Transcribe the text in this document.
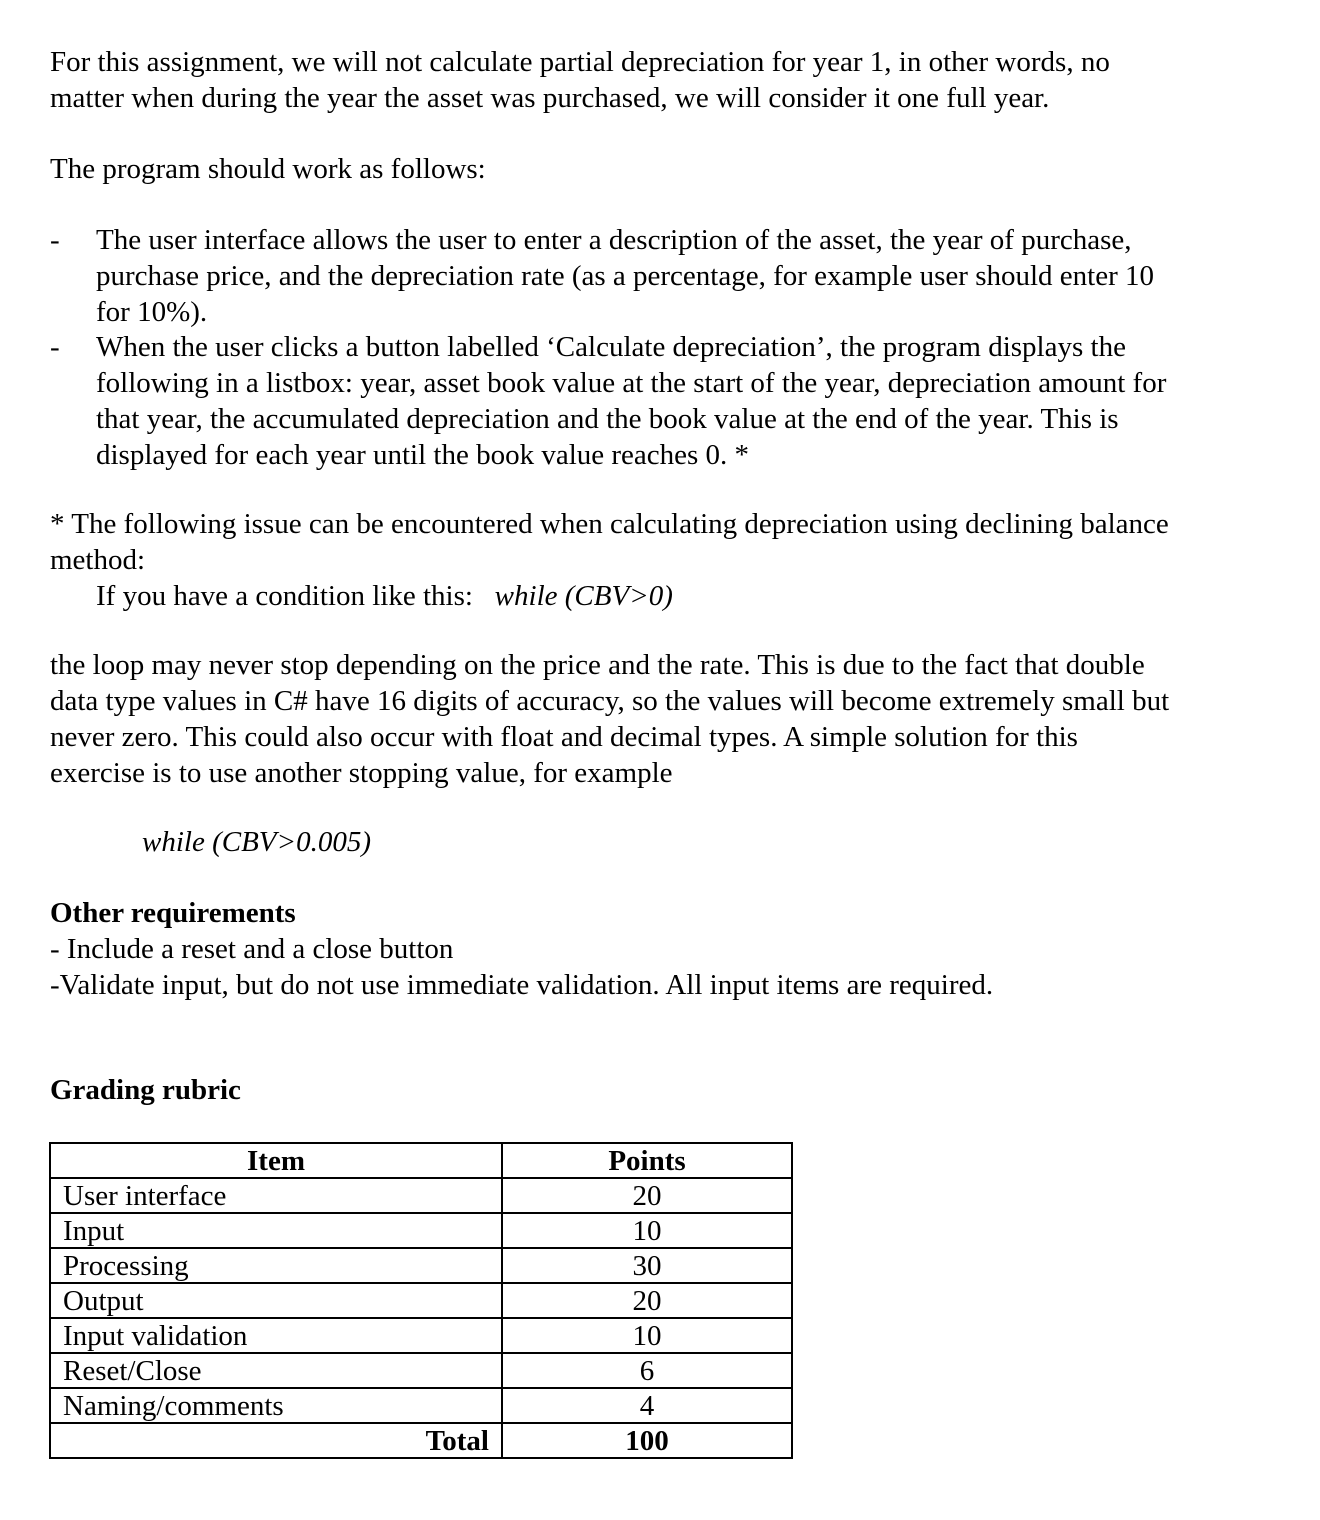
For this assignment, we will not calculate partial depreciation for year 1, in other words, no
matter when during the year the asset was purchased, we will consider it one full year.
The program should work as follows:
- The user interface allows the user to enter a description of the asset, the year of purchase,
purchase price, and the depreciation rate (as a percentage, for example user should enter 10
for 10%).
- When the user clicks a button labelled ‘Calculate depreciation’, the program displays the
following in a listbox: year, asset book value at the start of the year, depreciation amount for
that year, the accumulated depreciation and the book value at the end of the year. This is
displayed for each year until the book value reaches 0. *
* The following issue can be encountered when calculating depreciation using declining balance
method:
If you have a condition like this: while (CBV>0)
the loop may never stop depending on the price and the rate. This is due to the fact that double
data type values in C# have 16 digits of accuracy, so the values will become extremely small but
never zero. This could also occur with float and decimal types. A simple solution for this
exercise is to use another stopping value, for example
while (CBV>0.005)
Other requirements
- Include a reset and a close button
-Validate input, but do not use immediate validation. All input items are required.
Grading rubric
Item	Points
User interface	20
Input	10
Processing	30
Output	20
Input validation	10
Reset/Close	6
Naming/comments	4
Total	100
